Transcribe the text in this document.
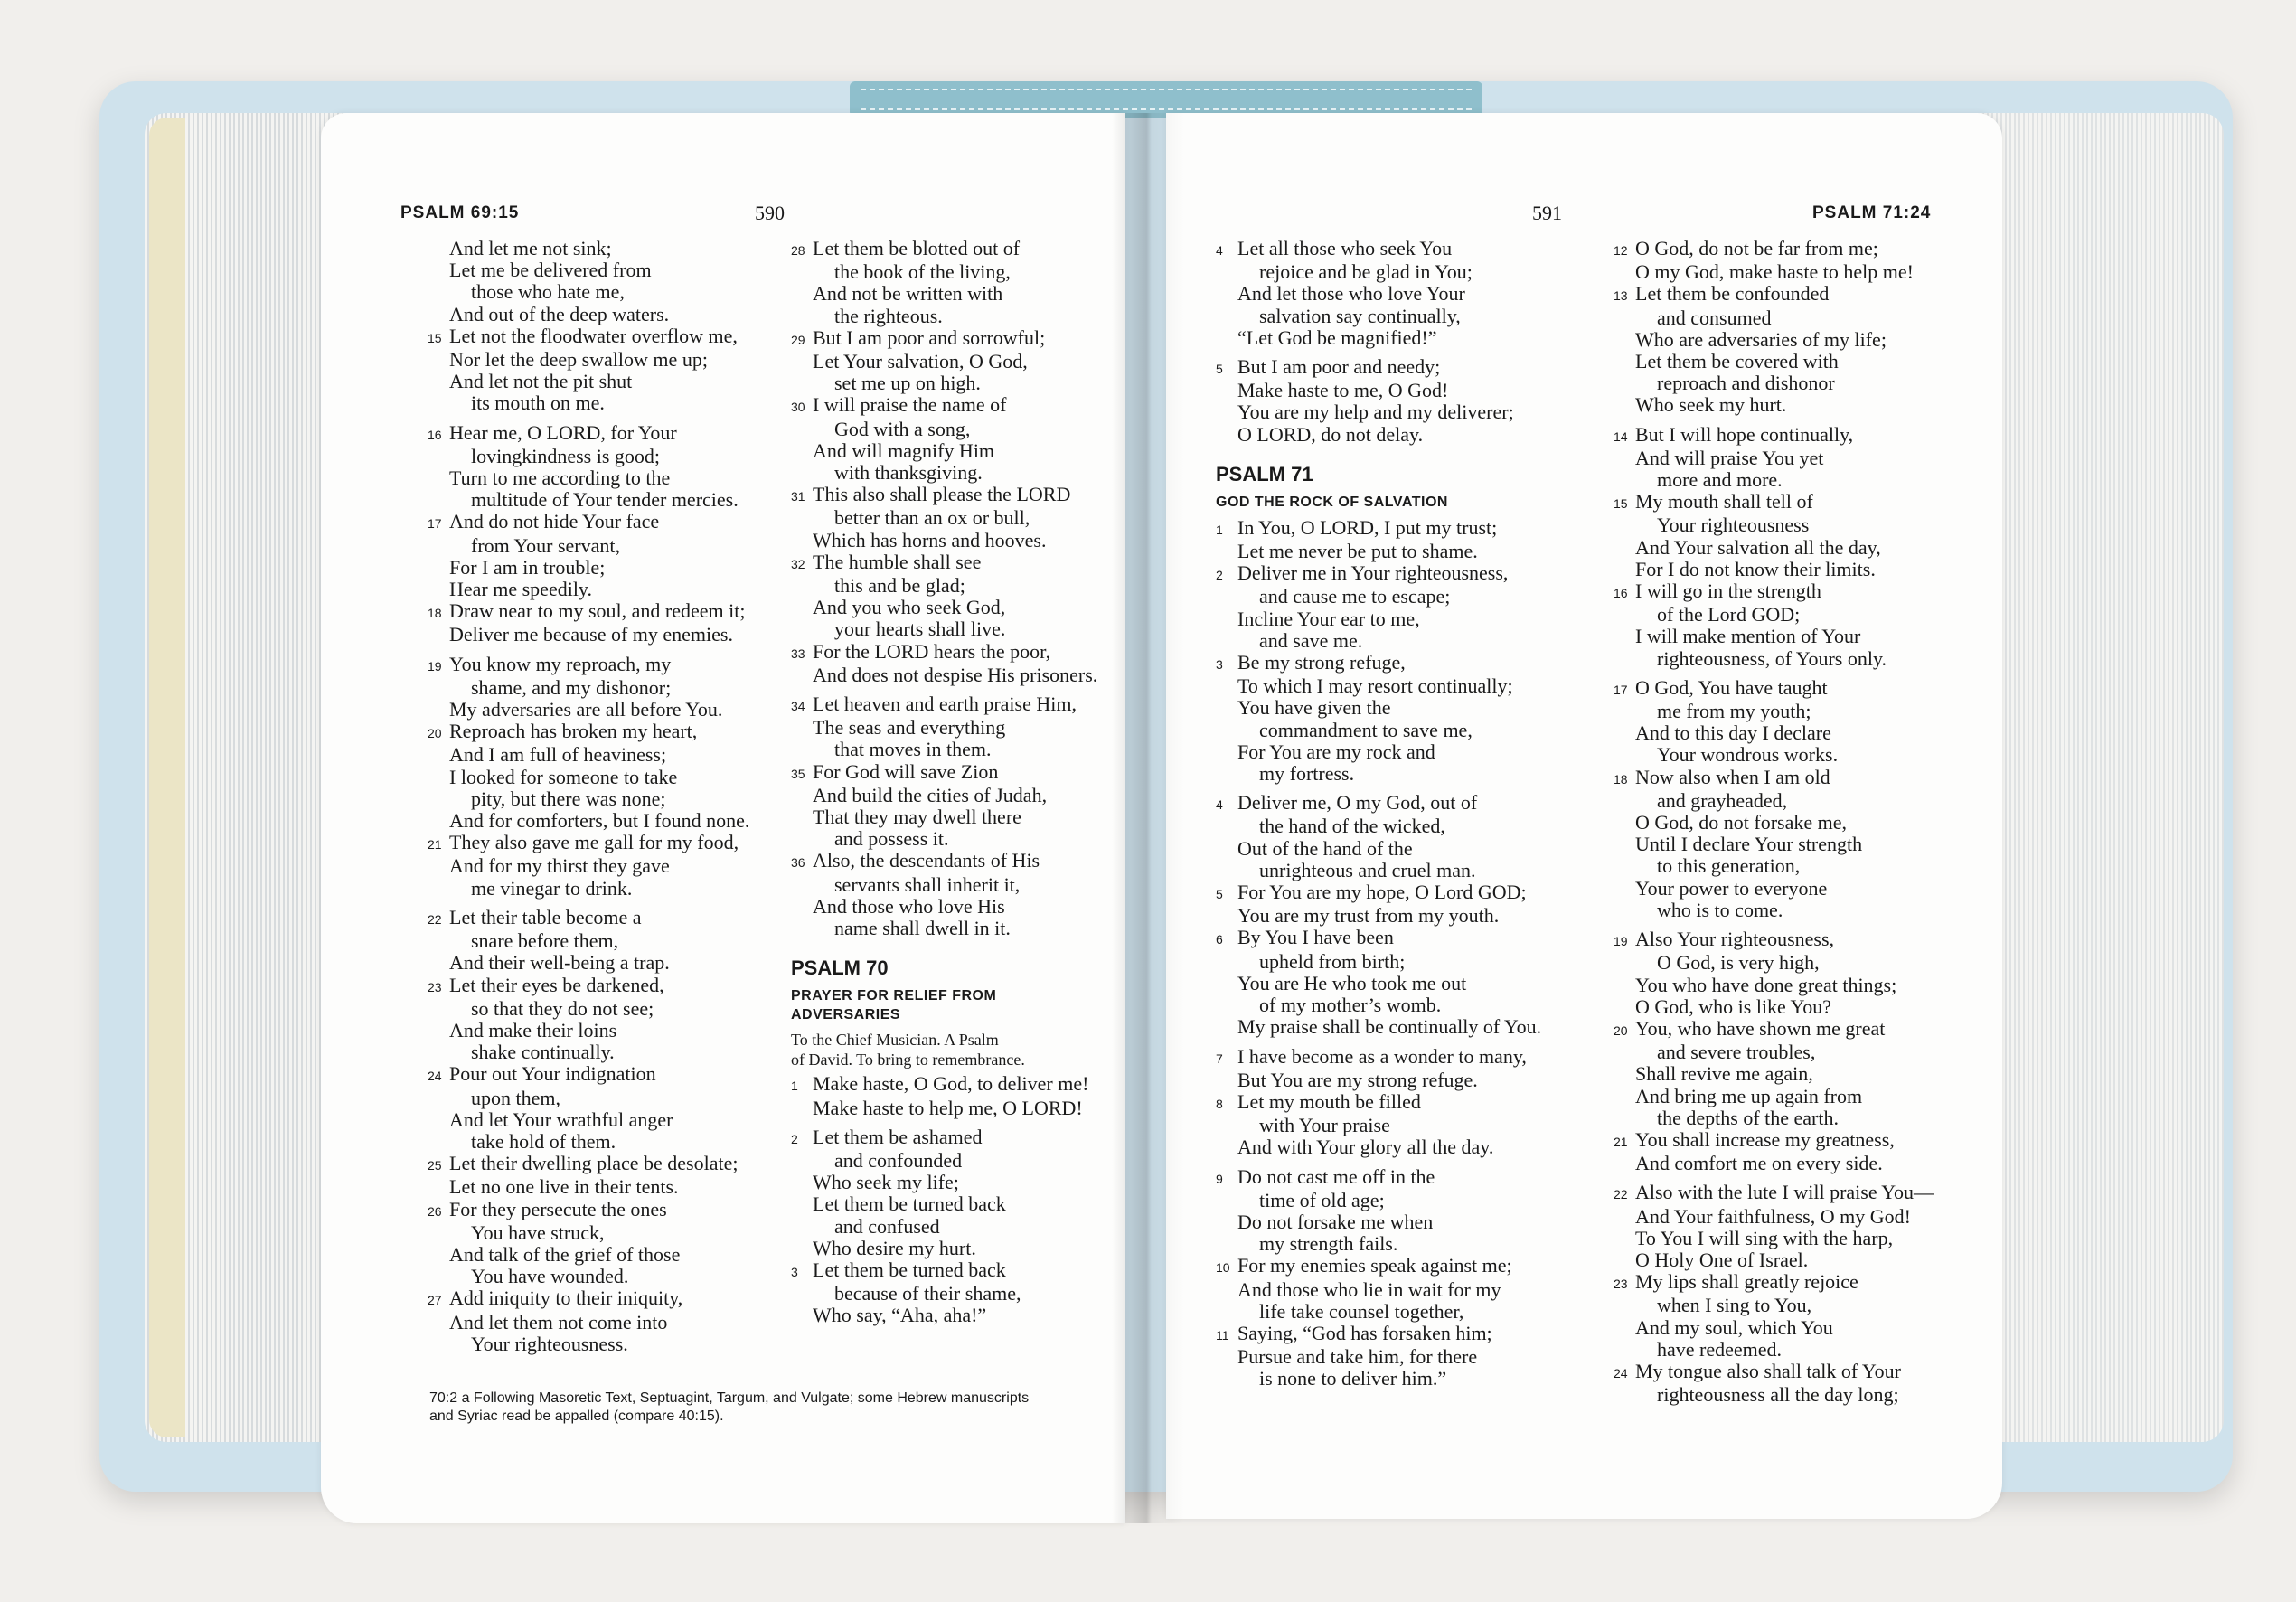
PSALM 69:15	590
And let me not sink;
Let me be delivered from
those who hate me,
And out of the deep waters.
15 Let not the floodwater overflow me,
Nor let the deep swallow me up;
And let not the pit shut
its mouth on me.
16 Hear me, O LORD, for Your
lovingkindness is good;
Turn to me according to the
multitude of Your tender mercies.
17 And do not hide Your face
from Your servant,
For I am in trouble;
Hear me speedily.
18 Draw near to my soul, and redeem it;
Deliver me because of my enemies.
19 You know my reproach, my
shame, and my dishonor;
My adversaries are all before You.
20 Reproach has broken my heart,
And I am full of heaviness;
I looked for someone to take
pity, but there was none;
And for comforters, but I found none.
21 They also gave me gall for my food,
And for my thirst they gave
me vinegar to drink.
22 Let their table become a
snare before them,
And their well-being a trap.
23 Let their eyes be darkened,
so that they do not see;
And make their loins
shake continually.
24 Pour out Your indignation
upon them,
And let Your wrathful anger
take hold of them.
25 Let their dwelling place be desolate;
Let no one live in their tents.
26 For they persecute the ones
You have struck,
And talk of the grief of those
You have wounded.
27 Add iniquity to their iniquity,
And let them not come into
Your righteousness.
28 Let them be blotted out of
the book of the living,
And not be written with
the righteous.
29 But I am poor and sorrowful;
Let Your salvation, O God,
set me up on high.
30 I will praise the name of
God with a song,
And will magnify Him
with thanksgiving.
31 This also shall please the LORD
better than an ox or bull,
Which has horns and hooves.
32 The humble shall see
this and be glad;
And you who seek God,
your hearts shall live.
33 For the LORD hears the poor,
And does not despise His prisoners.
34 Let heaven and earth praise Him,
The seas and everything
that moves in them.
35 For God will save Zion
And build the cities of Judah,
That they may dwell there
and possess it.
36 Also, the descendants of His
servants shall inherit it,
And those who love His
name shall dwell in it.
PSALM 70
PRAYER FOR RELIEF FROM
ADVERSARIES
To the Chief Musician. A Psalm
of David. To bring to remembrance.
1 Make haste, O God, to deliver me!
Make haste to help me, O LORD!
2 Let them be ashamed
and confounded
Who seek my life;
Let them be turned back
and confused
Who desire my hurt.
3 Let them be turned back
because of their shame,
Who say, “Aha, aha!”
70:2 a Following Masoretic Text, Septuagint, Targum, and Vulgate; some Hebrew manuscripts
and Syriac read be appalled (compare 40:15).
591	PSALM 71:24
4 Let all those who seek You
rejoice and be glad in You;
And let those who love Your
salvation say continually,
“Let God be magnified!”
5 But I am poor and needy;
Make haste to me, O God!
You are my help and my deliverer;
O LORD, do not delay.
PSALM 71
GOD THE ROCK OF SALVATION
1 In You, O LORD, I put my trust;
Let me never be put to shame.
2 Deliver me in Your righteousness,
and cause me to escape;
Incline Your ear to me,
and save me.
3 Be my strong refuge,
To which I may resort continually;
You have given the
commandment to save me,
For You are my rock and
my fortress.
4 Deliver me, O my God, out of
the hand of the wicked,
Out of the hand of the
unrighteous and cruel man.
5 For You are my hope, O Lord GOD;
You are my trust from my youth.
6 By You I have been
upheld from birth;
You are He who took me out
of my mother’s womb.
My praise shall be continually of You.
7 I have become as a wonder to many,
But You are my strong refuge.
8 Let my mouth be filled
with Your praise
And with Your glory all the day.
9 Do not cast me off in the
time of old age;
Do not forsake me when
my strength fails.
10 For my enemies speak against me;
And those who lie in wait for my
life take counsel together,
11 Saying, “God has forsaken him;
Pursue and take him, for there
is none to deliver him.”
12 O God, do not be far from me;
O my God, make haste to help me!
13 Let them be confounded
and consumed
Who are adversaries of my life;
Let them be covered with
reproach and dishonor
Who seek my hurt.
14 But I will hope continually,
And will praise You yet
more and more.
15 My mouth shall tell of
Your righteousness
And Your salvation all the day,
For I do not know their limits.
16 I will go in the strength
of the Lord GOD;
I will make mention of Your
righteousness, of Yours only.
17 O God, You have taught
me from my youth;
And to this day I declare
Your wondrous works.
18 Now also when I am old
and grayheaded,
O God, do not forsake me,
Until I declare Your strength
to this generation,
Your power to everyone
who is to come.
19 Also Your righteousness,
O God, is very high,
You who have done great things;
O God, who is like You?
20 You, who have shown me great
and severe troubles,
Shall revive me again,
And bring me up again from
the depths of the earth.
21 You shall increase my greatness,
And comfort me on every side.
22 Also with the lute I will praise You—
And Your faithfulness, O my God!
To You I will sing with the harp,
O Holy One of Israel.
23 My lips shall greatly rejoice
when I sing to You,
And my soul, which You
have redeemed.
24 My tongue also shall talk of Your
righteousness all the day long;
